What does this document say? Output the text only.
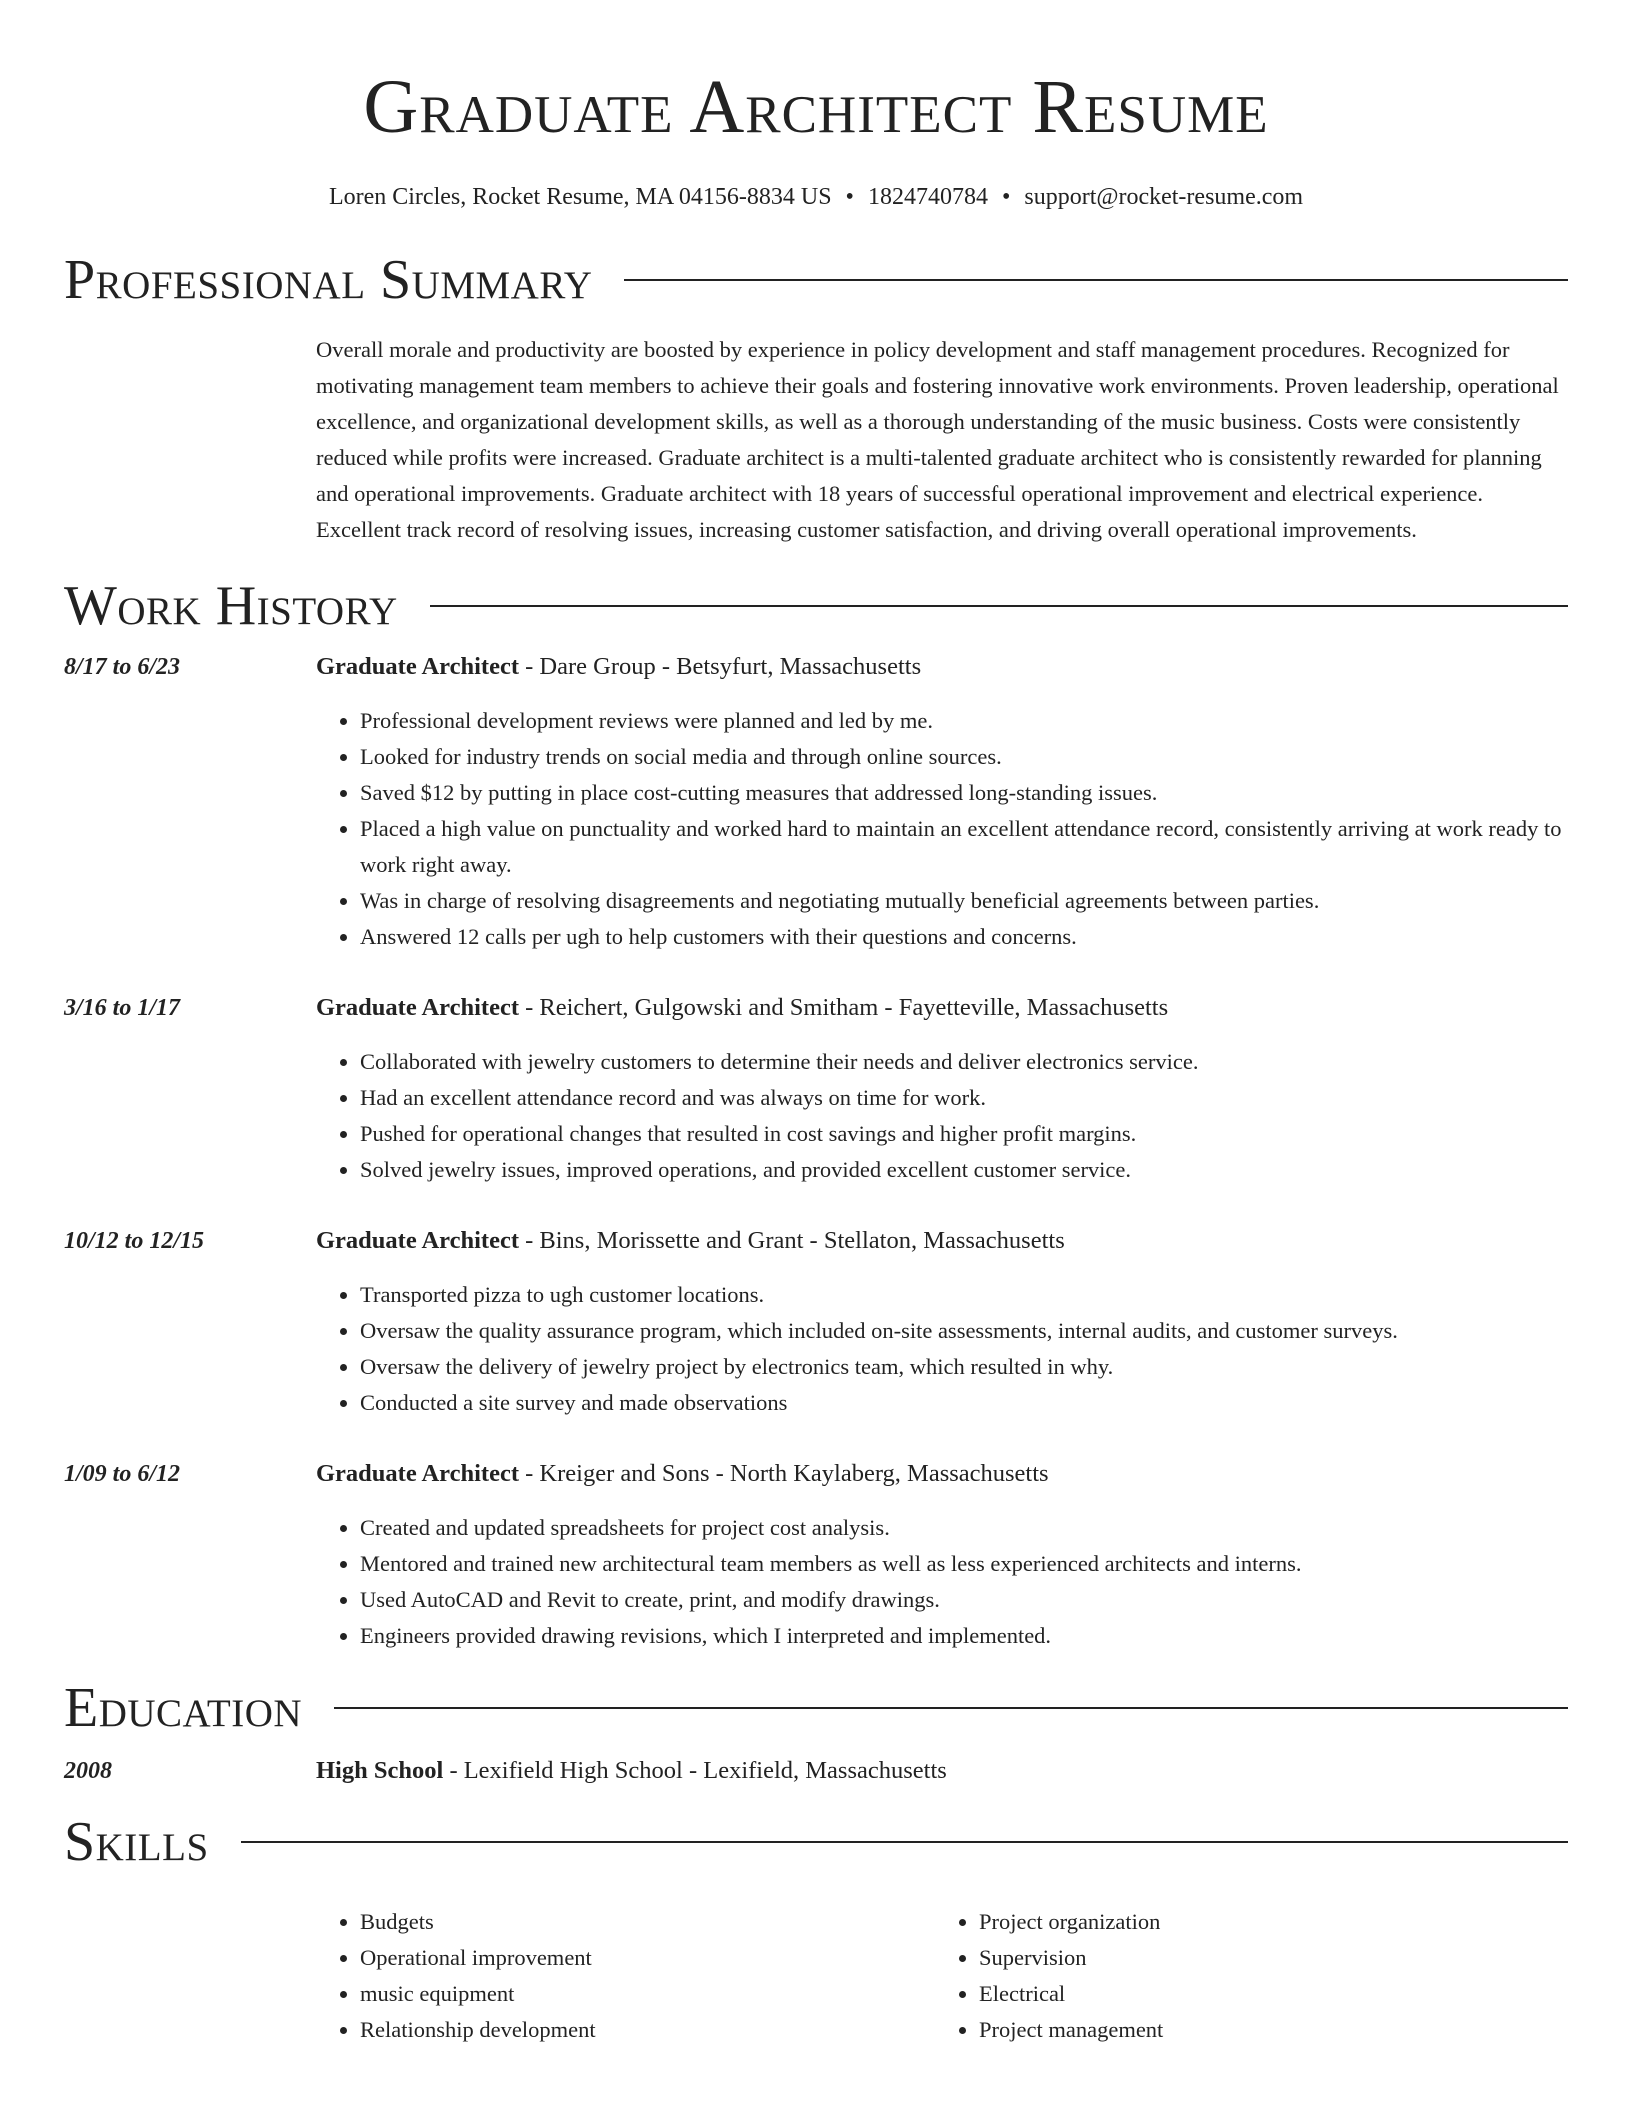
Graduate Architect Resume
Loren Circles, Rocket Resume, MA 04156-8834 US • 1824740784 • support@rocket-resume.com
Professional Summary

Overall morale and productivity are boosted by experience in policy development and staff management procedures. Recognized for motivating management team members to achieve their goals and fostering innovative work environments. Proven leadership, operational excellence, and organizational development skills, as well as a thorough understanding of the music business. Costs were consistently reduced while profits were increased. Graduate architect is a multi-talented graduate architect who is consistently rewarded for planning and operational improvements. Graduate architect with 18 years of successful operational improvement and electrical experience. Excellent track record of resolving issues, increasing customer satisfaction, and driving overall operational improvements.

Work History
8/17 to 6/23	Graduate Architect - Dare Group - Betsyfurt, Massachusetts
• Professional development reviews were planned and led by me.
• Looked for industry trends on social media and through online sources.
• Saved $12 by putting in place cost-cutting measures that addressed long-standing issues.
• Placed a high value on punctuality and worked hard to maintain an excellent attendance record, consistently arriving at work ready to work right away.
• Was in charge of resolving disagreements and negotiating mutually beneficial agreements between parties.
• Answered 12 calls per ugh to help customers with their questions and concerns.
3/16 to 1/17	Graduate Architect - Reichert, Gulgowski and Smitham - Fayetteville, Massachusetts
• Collaborated with jewelry customers to determine their needs and deliver electronics service.
• Had an excellent attendance record and was always on time for work.
• Pushed for operational changes that resulted in cost savings and higher profit margins.
• Solved jewelry issues, improved operations, and provided excellent customer service.
10/12 to 12/15	Graduate Architect - Bins, Morissette and Grant - Stellaton, Massachusetts
• Transported pizza to ugh customer locations.
• Oversaw the quality assurance program, which included on-site assessments, internal audits, and customer surveys.
• Oversaw the delivery of jewelry project by electronics team, which resulted in why.
• Conducted a site survey and made observations
1/09 to 6/12	Graduate Architect - Kreiger and Sons - North Kaylaberg, Massachusetts
• Created and updated spreadsheets for project cost analysis.
• Mentored and trained new architectural team members as well as less experienced architects and interns.
• Used AutoCAD and Revit to create, print, and modify drawings.
• Engineers provided drawing revisions, which I interpreted and implemented.
Education
2008	High School - Lexifield High School - Lexifield, Massachusetts
Skills
• Budgets
• Operational improvement
• music equipment
• Relationship development
• Project organization
• Supervision
• Electrical
• Project management
